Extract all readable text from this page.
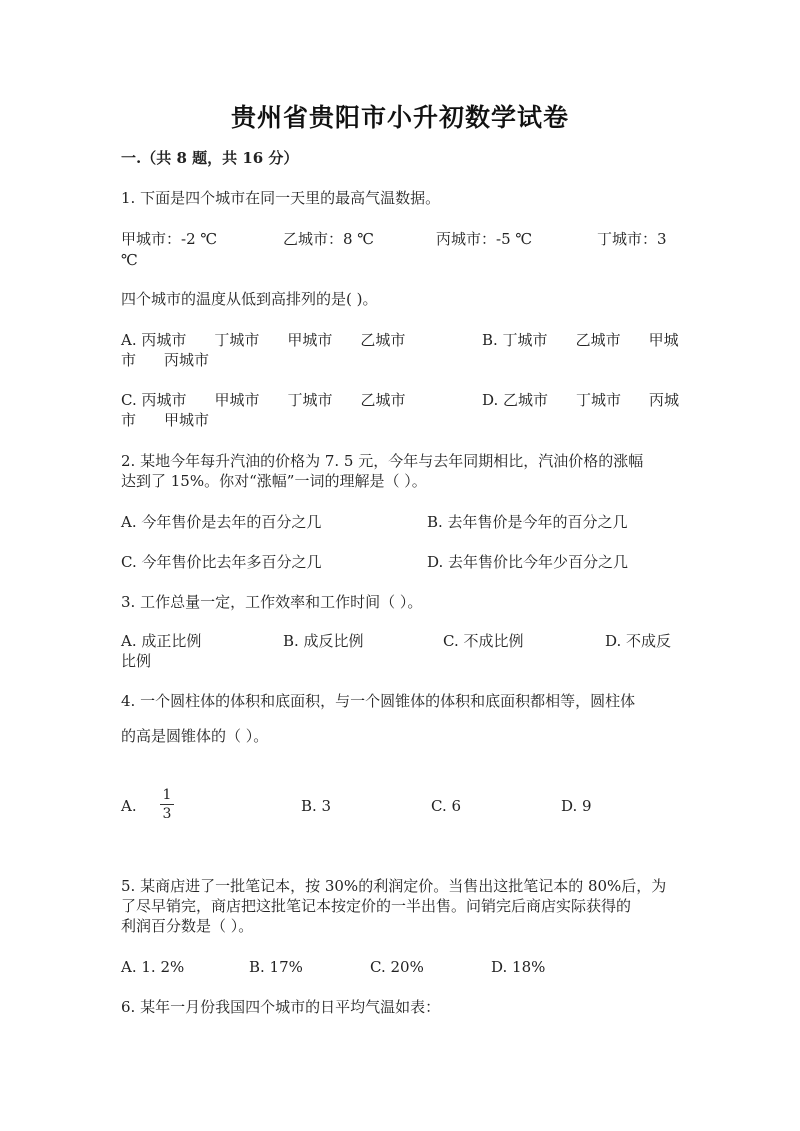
贵州省贵阳市小升初数学试卷
一.（共 8 题，共 16 分）
1. 下面是四个城市在同一天里的最高气温数据。
甲城市：-2 ℃	乙城市：8 ℃	丙城市：-5 ℃	丁城市：3
℃
四个城市的温度从低到高排列的是( )。
A. 丙城市 丁城市 甲城市 乙城市	B. 丁城市 乙城市 甲城
市 丙城市
C. 丙城市 甲城市 丁城市 乙城市	D. 乙城市 丁城市 丙城
市 甲城市
2. 某地今年每升汽油的价格为 7. 5 元，今年与去年同期相比，汽油价格的涨幅
达到了 15%。你对“涨幅”一词的理解是（ ）。
A. 今年售价是去年的百分之几	B. 去年售价是今年的百分之几
C. 今年售价比去年多百分之几	D. 去年售价比今年少百分之几
3. 工作总量一定，工作效率和工作时间（ ）。
A. 成正比例	B. 成反比例	C. 不成比例	D. 不成反
比例
4. 一个圆柱体的体积和底面积，与一个圆锥体的体积和底面积都相等，圆柱体
的高是圆锥体的（ ）。
A.
1
3	B. 3	C. 6	D. 9
5. 某商店进了一批笔记本，按 30%的利润定价。当售出这批笔记本的 80%后，为
了尽早销完，商店把这批笔记本按定价的一半出售。问销完后商店实际获得的
利润百分数是（ ）。
A. 1. 2%	B. 17%	C. 20%	D. 18%
6. 某年一月份我国四个城市的日平均气温如表：
